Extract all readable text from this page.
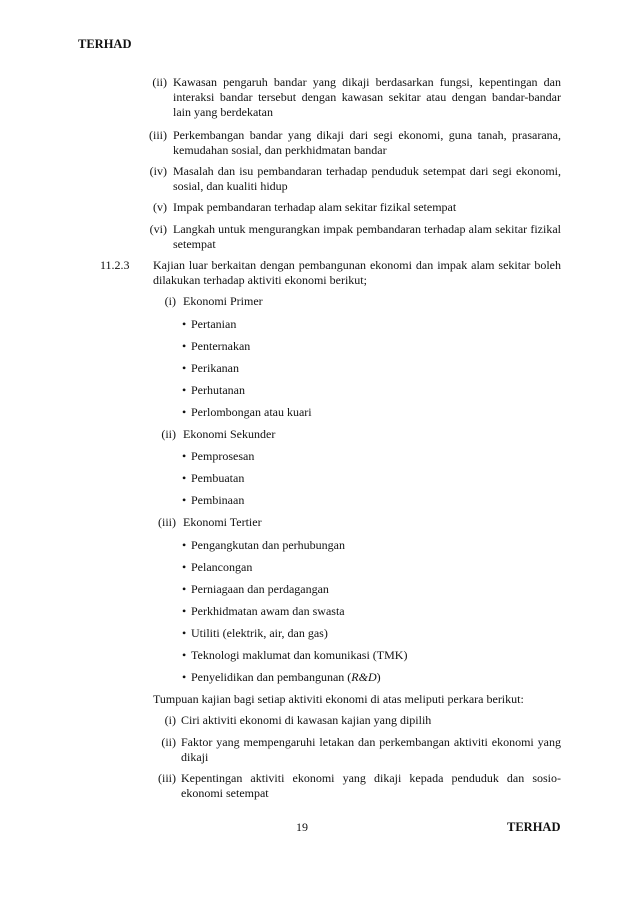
TERHAD
(ii) Kawasan pengaruh bandar yang dikaji berdasarkan fungsi, kepentingan dan interaksi bandar tersebut dengan kawasan sekitar atau dengan bandar-bandar lain yang berdekatan
(iii) Perkembangan bandar yang dikaji dari segi ekonomi, guna tanah, prasarana, kemudahan sosial, dan perkhidmatan bandar
(iv) Masalah dan isu pembandaran terhadap penduduk setempat dari segi ekonomi, sosial, dan kualiti hidup
(v) Impak pembandaran terhadap alam sekitar fizikal setempat
(vi) Langkah untuk mengurangkan impak pembandaran terhadap alam sekitar fizikal setempat
11.2.3	Kajian luar berkaitan dengan pembangunan ekonomi dan impak alam sekitar boleh dilakukan terhadap aktiviti ekonomi berikut;
(i) Ekonomi Primer
• Pertanian
• Penternakan
• Perikanan
• Perhutanan
• Perlombongan atau kuari
(ii) Ekonomi Sekunder
• Pemprosesan
• Pembuatan
• Pembinaan
(iii) Ekonomi Tertier
• Pengangkutan dan perhubungan
• Pelancongan
• Perniagaan dan perdagangan
• Perkhidmatan awam dan swasta
• Utiliti (elektrik, air, dan gas)
• Teknologi maklumat dan komunikasi (TMK)
• Penyelidikan dan pembangunan (R&D)
Tumpuan kajian bagi setiap aktiviti ekonomi di atas meliputi perkara berikut:
(i) Ciri aktiviti ekonomi di kawasan kajian yang dipilih
(ii) Faktor yang mempengaruhi letakan dan perkembangan aktiviti ekonomi yang dikaji
(iii) Kepentingan aktiviti ekonomi yang dikaji kepada penduduk dan sosio-ekonomi setempat
19	TERHAD
